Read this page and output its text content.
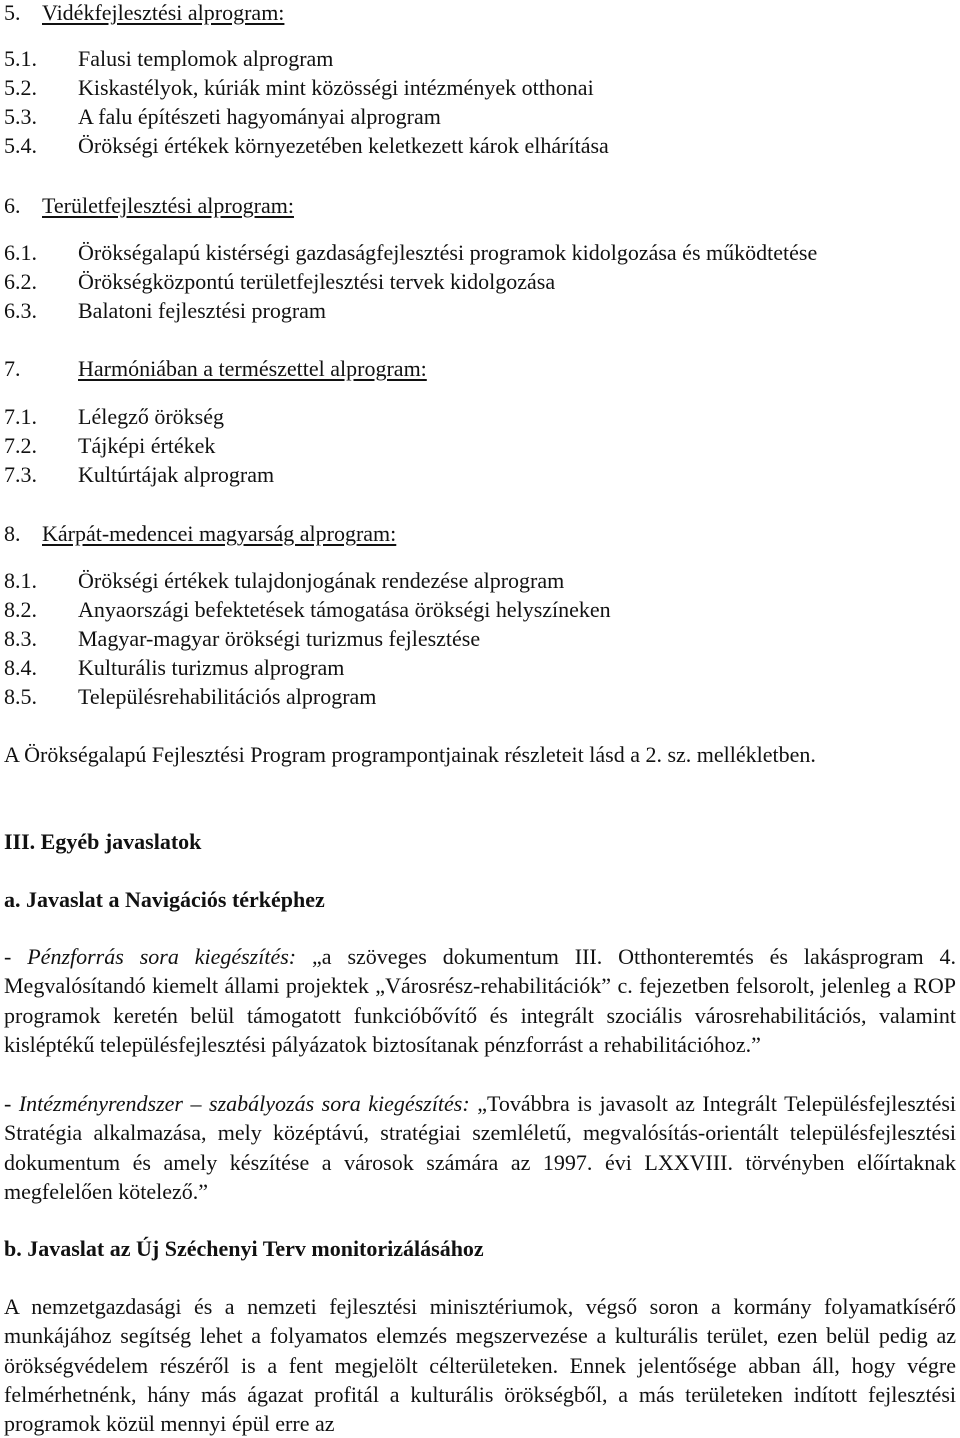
5. Vidékfejlesztési alprogram:
5.1. Falusi templomok alprogram
5.2. Kiskastélyok, kúriák mint közösségi intézmények otthonai
5.3. A falu építészeti hagyományai alprogram
5.4. Örökségi értékek környezetében keletkezett károk elhárítása
6. Területfejlesztési alprogram:
6.1. Örökségalapú kistérségi gazdaságfejlesztési programok kidolgozása és működtetése
6.2. Örökségközpontú területfejlesztési tervek kidolgozása
6.3. Balatoni fejlesztési program
7.	Harmóniában a természettel alprogram:
7.1. Lélegző örökség
7.2. Tájképi értékek
7.3. Kultúrtájak alprogram
8. Kárpát-medencei magyarság alprogram:
8.1. Örökségi értékek tulajdonjogának rendezése alprogram
8.2. Anyaországi befektetések támogatása örökségi helyszíneken
8.3. Magyar-magyar örökségi turizmus fejlesztése
8.4. Kulturális turizmus alprogram
8.5. Településrehabilitációs alprogram
A Örökségalapú Fejlesztési Program programpontjainak részleteit lásd a 2. sz. mellékletben.
III. Egyéb javaslatok
a. Javaslat a Navigációs térképhez
- Pénzforrás sora kiegészítés: „a szöveges dokumentum III. Otthonteremtés és lakásprogram 4. Megvalósítandó kiemelt állami projektek „Városrész-rehabilitációk” c. fejezetben felsorolt, jelenleg a ROP programok keretén belül támogatott funkcióbővítő és integrált szociális városrehabilitációs, valamint kisléptékű településfejlesztési pályázatok biztosítanak pénzforrást a rehabilitációhoz.”
- Intézményrendszer – szabályozás sora kiegészítés: „Továbbra is javasolt az Integrált Településfejlesztési Stratégia alkalmazása, mely középtávú, stratégiai szemléletű, megvalósítás-orientált településfejlesztési dokumentum és amely készítése a városok számára az 1997. évi LXXVIII. törvényben előírtaknak megfelelően kötelező.”
b. Javaslat az Új Széchenyi Terv monitorizálásához
A nemzetgazdasági és a nemzeti fejlesztési minisztériumok, végső soron a kormány folyamatkísérő munkájához segítség lehet a folyamatos elemzés megszervezése a kulturális terület, ezen belül pedig az örökségvédelem részéről is a fent megjelölt célterületeken. Ennek jelentősége abban áll, hogy végre felmérhetnénk, hány más ágazat profitál a kulturális örökségből, a más területeken indított fejlesztési programok közül mennyi épül erre az
